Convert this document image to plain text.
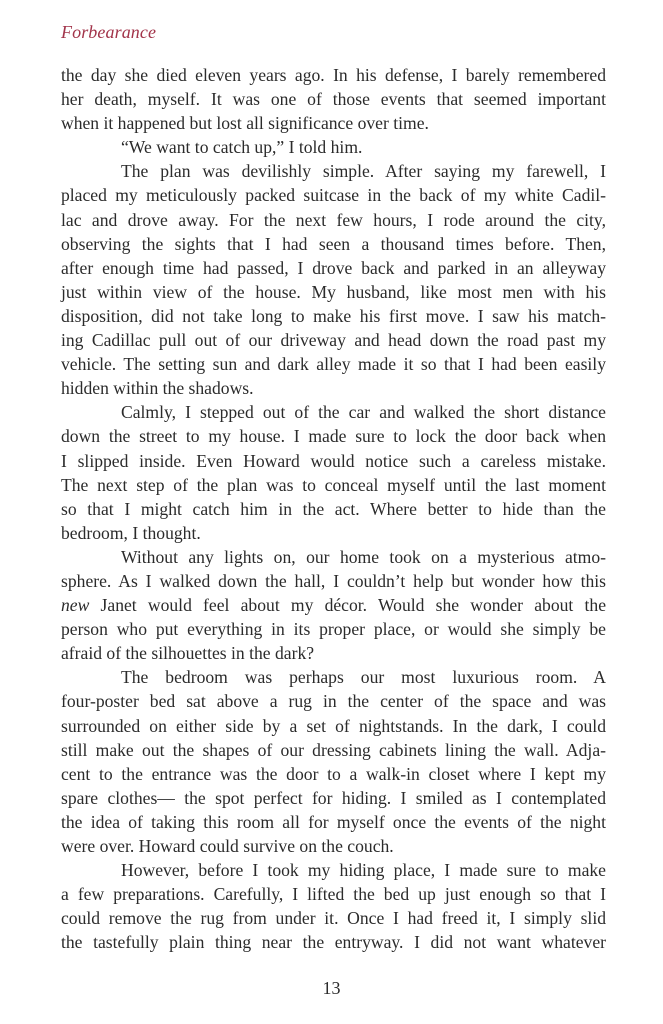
Forbearance
the day she died eleven years ago. In his defense, I barely remembered
her death, myself. It was one of those events that seemed important
when it happened but lost all significance over time.
“We want to catch up,” I told him.
The plan was devilishly simple. After saying my farewell, I
placed my meticulously packed suitcase in the back of my white Cadil-
lac and drove away. For the next few hours, I rode around the city,
observing the sights that I had seen a thousand times before. Then,
after enough time had passed, I drove back and parked in an alleyway
just within view of the house. My husband, like most men with his
disposition, did not take long to make his first move. I saw his match-
ing Cadillac pull out of our driveway and head down the road past my
vehicle. The setting sun and dark alley made it so that I had been easily
hidden within the shadows.
Calmly, I stepped out of the car and walked the short distance
down the street to my house. I made sure to lock the door back when
I slipped inside. Even Howard would notice such a careless mistake.
The next step of the plan was to conceal myself until the last moment
so that I might catch him in the act. Where better to hide than the
bedroom, I thought.
Without any lights on, our home took on a mysterious atmo-
sphere. As I walked down the hall, I couldn’t help but wonder how this
new Janet would feel about my décor. Would she wonder about the
person who put everything in its proper place, or would she simply be
afraid of the silhouettes in the dark?
The bedroom was perhaps our most luxurious room. A
four-poster bed sat above a rug in the center of the space and was
surrounded on either side by a set of nightstands. In the dark, I could
still make out the shapes of our dressing cabinets lining the wall. Adja-
cent to the entrance was the door to a walk-in closet where I kept my
spare clothes— the spot perfect for hiding. I smiled as I contemplated
the idea of taking this room all for myself once the events of the night
were over. Howard could survive on the couch.
However, before I took my hiding place, I made sure to make
a few preparations. Carefully, I lifted the bed up just enough so that I
could remove the rug from under it. Once I had freed it, I simply slid
the tastefully plain thing near the entryway. I did not want whatever
13
